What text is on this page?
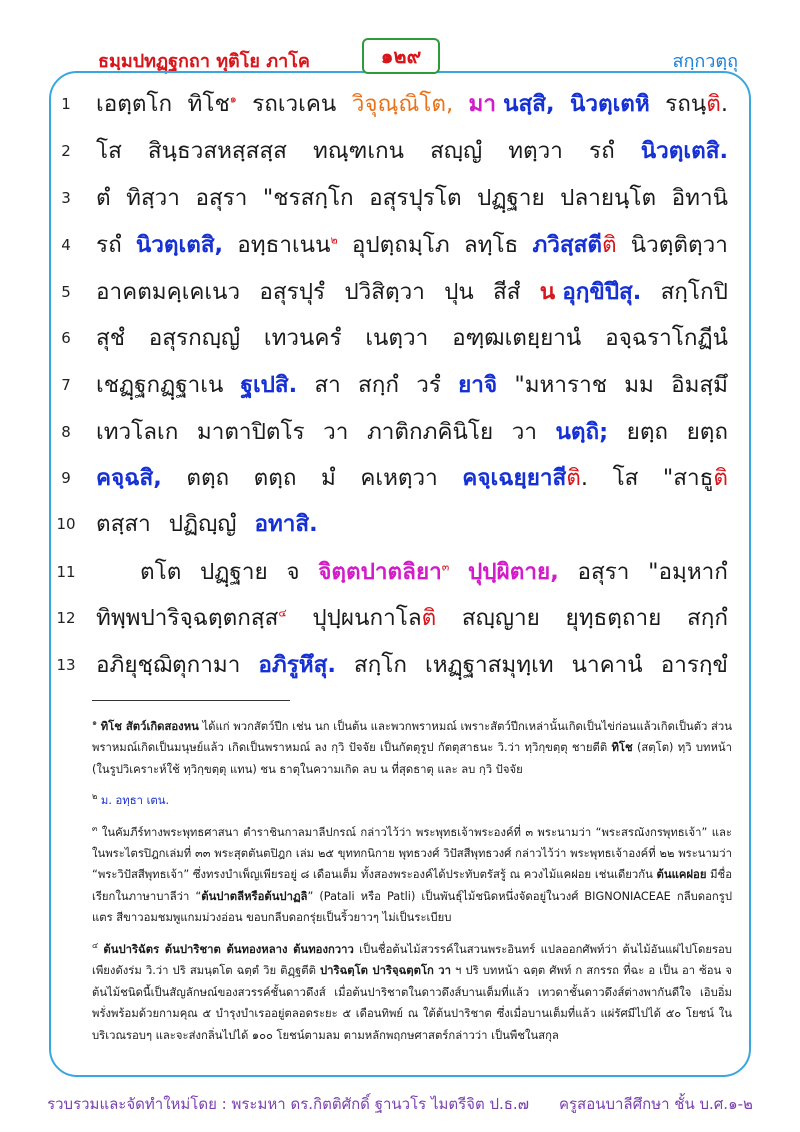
ธมฺมปทฏฺฐกถา ทุติโย ภาโค	๑๒๙	สกฺกวตฺถุ
1
2
3
4
5
6
7
8
9
10
11
12
13
เอตฺตโก ทิโช$^๑$ รถเวเคน วิจุณฺณิโต, มา นสฺสิ, นิวตฺเตหิ รถนฺติ.
โส สินฺธวสหสฺสสฺส ทณฺฑเกน สญฺญํ ทตฺวา รถํ นิวตฺเตสิ.
ตํ ทิสฺวา อสุรา "ชรสกฺโก อสุรปุรโต ปฏฺฐาย ปลายนฺโต อิทานิ
รถํ นิวตฺเตสิ, อทฺธาเนน$^๒$ อุปตฺถมฺโภ ลทฺโธ ภวิสฺสตีติ นิวตฺติตฺวา
อาคตมคฺเคเนว อสุรปุรํ ปวิสิตฺวา ปุน สีสํ น อุกฺขิปึสุ. สกฺโกปิ
สุชํ อสุรกญฺญํ เทวนครํ เนตฺวา อฑฺฒเตยฺยานํ อจฺฉราโกฏีนํ
เชฏฺฐกฏฺฐาเน ฐเปสิ. สา สกฺกํ วรํ ยาจิ "มหาราช มม อิมสฺมึ
เทวโลเก มาตาปิตโร วา ภาติกภคินิโย วา นตฺถิ; ยตฺถ ยตฺถ
คจฺฉสิ, ตตฺถ ตตฺถ มํ คเหตฺวา คจฺเฉยฺยาสีติ. โส "สาธูติ
ตสฺสา ปฏิญฺญํ อทาสิ.
ตโต ปฏฺฐาย จ จิตฺตปาตลิยา$^๓$ ปุปฺผิตาย, อสุรา "อมฺหากํ
ทิพฺพปาริจฺฉตฺตกสฺส$^๔$ ปุปฺผนกาโลติ สญฺญาย ยุทฺธตฺถาย สกฺกํ
อภิยุชฺฌิตุกามา อภิรูหึสุ. สกฺโก เหฏฺฐาสมุทฺเท นาคานํ อารกฺขํ

$^๑$ ทิโช สัตว์เกิดสองหน ได้แก่ พวกสัตว์ปีก เช่น นก เป็นต้น และพวกพราหมณ์ เพราะสัตว์ปีกเหล่านั้นเกิดเป็นไข่ก่อนแล้วเกิดเป็นตัว ส่วนพราหมณ์เกิดเป็นมนุษย์แล้ว เกิดเป็นพราหมณ์ ลง กฺวิ ปัจจัย เป็นกัตตุรูป กัตตุสาธนะ วิ.ว่า ทฺวิกฺขตฺตุ ชายตีติ ทิโช (สตฺโต) ทฺวิ บทหน้า (ในรูปวิเคราะห์ใช้ ทฺวิกฺขตฺตุ แทน) ชน ธาตุในความเกิด ลบ น ที่สุดธาตุ และ ลบ กฺวิ ปัจจัย

$^๒$ ม. อทฺธา เตน.

$^๓$ ในคัมภีร์ทางพระพุทธศาสนา ตำราชินกาลมาลีปกรณ์ กล่าวไว้ว่า พระพุทธเจ้าพระองค์ที่ ๓ พระนามว่า “พระสรณังกรพุทธเจ้า” และในพระไตรปิฎกเล่มที่ ๓๓ พระสุตตันตปิฎก เล่ม ๒๕ ขุททกนิกาย พุทธวงศ์ วิปัสสีพุทธวงศ์ กล่าวไว้ว่า พระพุทธเจ้าองค์ที่ ๒๒ พระนามว่า “พระวิปัสสีพุทธเจ้า” ซึ่งทรงบำเพ็ญเพียรอยู่ ๘ เดือนเต็ม ทั้งสองพระองค์ได้ประทับตรัสรู้ ณ ควงไม้แคฝอย เช่นเดียวกัน ต้นแคฝอย มีชื่อเรียกในภาษาบาลีว่า “ต้นปาตลีหรือต้นปาฏลิ” (Patali หรือ Patli) เป็นพันธุ์ไม้ชนิดหนึ่งจัดอยู่ในวงศ์ BIGNONIACEAE กลีบดอกรูปแตร สีขาวอมชมพูแกมม่วงอ่อน ขอบกลีบดอกรุ่ยเป็นริ้วยาวๆ ไม่เป็นระเบียบ

$^๔$ ต้นปาริฉัตร ต้นปาริชาต ต้นทองหลาง ต้นทองกวาว เป็นชื่อต้นไม้สวรรค์ในสวนพระอินทร์ แปลออกศัพท์ว่า ต้นไม้อันแผ่ไปโดยรอบเพียงดังร่ม วิ.ว่า ปริ สมนฺตโต ฉตฺตํ วิย ติฏฺฐตีติ ปาริฉตฺโต ปาริจฺฉตฺตโก วา ฯ ปริ บทหน้า ฉตฺต ศัพท์ ก สกรรถ ที่ฉะ อ เป็น อา ซ้อน จ ต้นไม้ชนิดนี้เป็นสัญลักษณ์ของสวรรค์ชั้นดาวดึงส์ เมื่อต้นปาริชาตในดาวดึงส์บานเต็มที่แล้ว เทวดาชั้นดาวดึงส์ต่างพากันดีใจ เอิบอิ่มพรั่งพร้อมด้วยกามคุณ ๕ บำรุงบำเรออยู่ตลอดระยะ ๕ เดือนทิพย์ ณ ใต้ต้นปาริชาต ซึ่งเมื่อบานเต็มที่แล้ว แผ่รัศมีไปได้ ๕๐ โยชน์ ในบริเวณรอบๆ และจะส่งกลิ่นไปได้ ๑๐๐ โยชน์ตามลม ตามหลักพฤกษศาสตร์กล่าวว่า เป็นพืชในสกุล

รวบรวมและจัดทำใหม่โดย : พระมหา ดร.กิตติศักดิ์ ฐานวโร ไมตรีจิต ป.ธ.๗ ครูสอนบาลีศึกษา ชั้น บ.ศ.๑-๒
